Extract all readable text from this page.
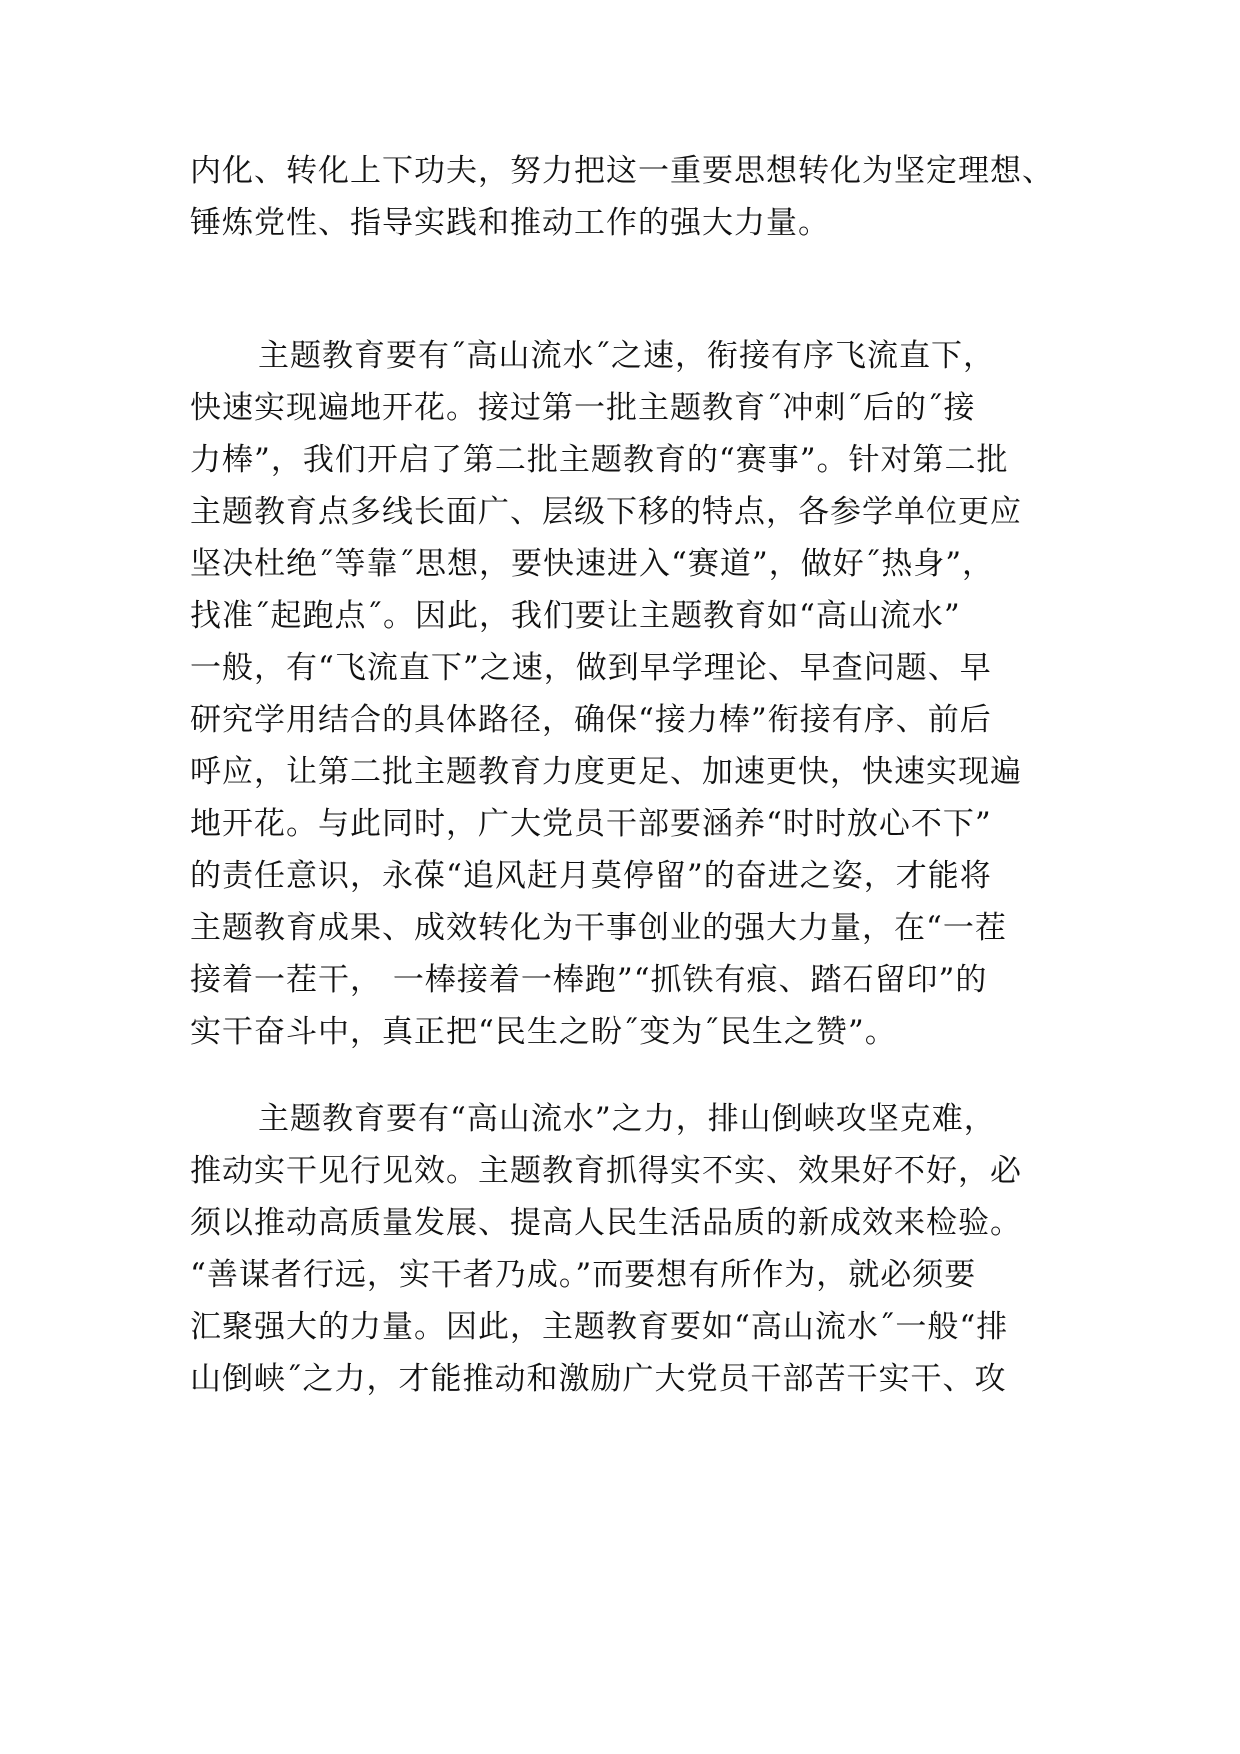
内化、转化上下功夫，努力把这一重要思想转化为坚定理想、
锤炼党性、指导实践和推动工作的强大力量。
主题教育要有˝高山流水˝之速，衔接有序飞流直下，
快速实现遍地开花。接过第一批主题教育˝冲刺˝后的˝接
力棒”，我们开启了第二批主题教育的“赛事”。针对第二批
主题教育点多线长面广、层级下移的特点，各参学单位更应
坚决杜绝˝等靠˝思想，要快速进入“赛道”，做好˝热身”，
找准˝起跑点˝。因此，我们要让主题教育如“高山流水”
一般，有“飞流直下”之速，做到早学理论、早查问题、早
研究学用结合的具体路径，确保“接力棒”衔接有序、前后
呼应，让第二批主题教育力度更足、加速更快，快速实现遍
地开花。与此同时，广大党员干部要涵养“时时放心不下”
的责任意识，永葆“追风赶月莫停留”的奋进之姿，才能将
主题教育成果、成效转化为干事创业的强大力量，在“一茬
接着一茬干， 一棒接着一棒跑”“抓铁有痕、踏石留印”的
实干奋斗中，真正把“民生之盼˝变为˝民生之赞”。
主题教育要有“高山流水”之力，排山倒峡攻坚克难，
推动实干见行见效。主题教育抓得实不实、效果好不好，必
须以推动高质量发展、提高人民生活品质的新成效来检验。
“善谋者行远，实干者乃成。”而要想有所作为，就必须要
汇聚强大的力量。因此，主题教育要如“高山流水˝一般“排
山倒峡˝之力，才能推动和激励广大党员干部苦干实干、攻
